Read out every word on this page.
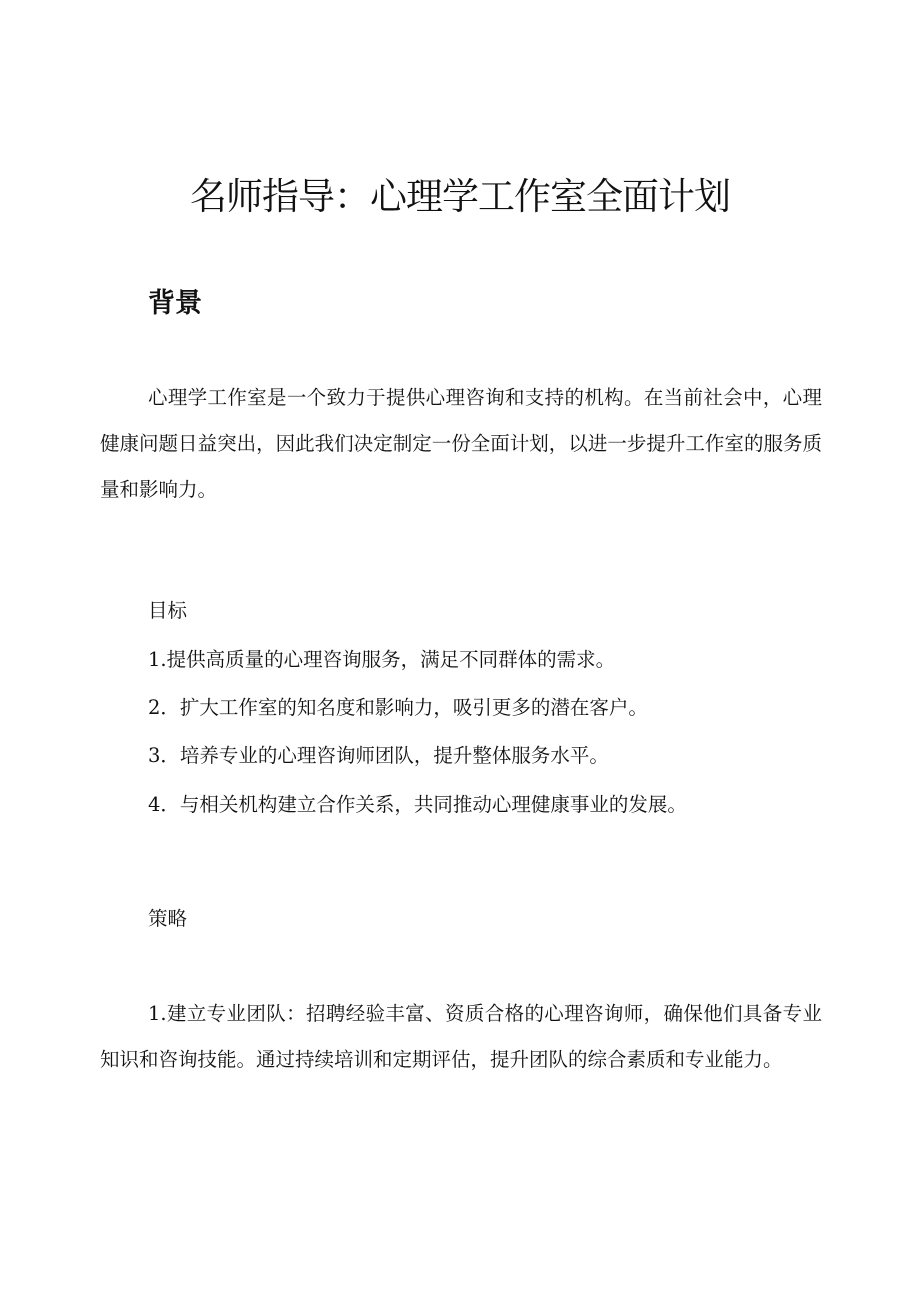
名师指导：心理学工作室全面计划
背景

心理学工作室是一个致力于提供心理咨询和支持的机构。在当前社会中，心理健康问题日益突出，因此我们决定制定一份全面计划，以进一步提升工作室的服务质量和影响力。

目标

1.提供高质量的心理咨询服务，满足不同群体的需求。

2．扩大工作室的知名度和影响力，吸引更多的潜在客户。

3．培养专业的心理咨询师团队，提升整体服务水平。

4．与相关机构建立合作关系，共同推动心理健康事业的发展。

策略

1.建立专业团队：招聘经验丰富、资质合格的心理咨询师，确保他们具备专业知识和咨询技能。通过持续培训和定期评估，提升团队的综合素质和专业能力。
